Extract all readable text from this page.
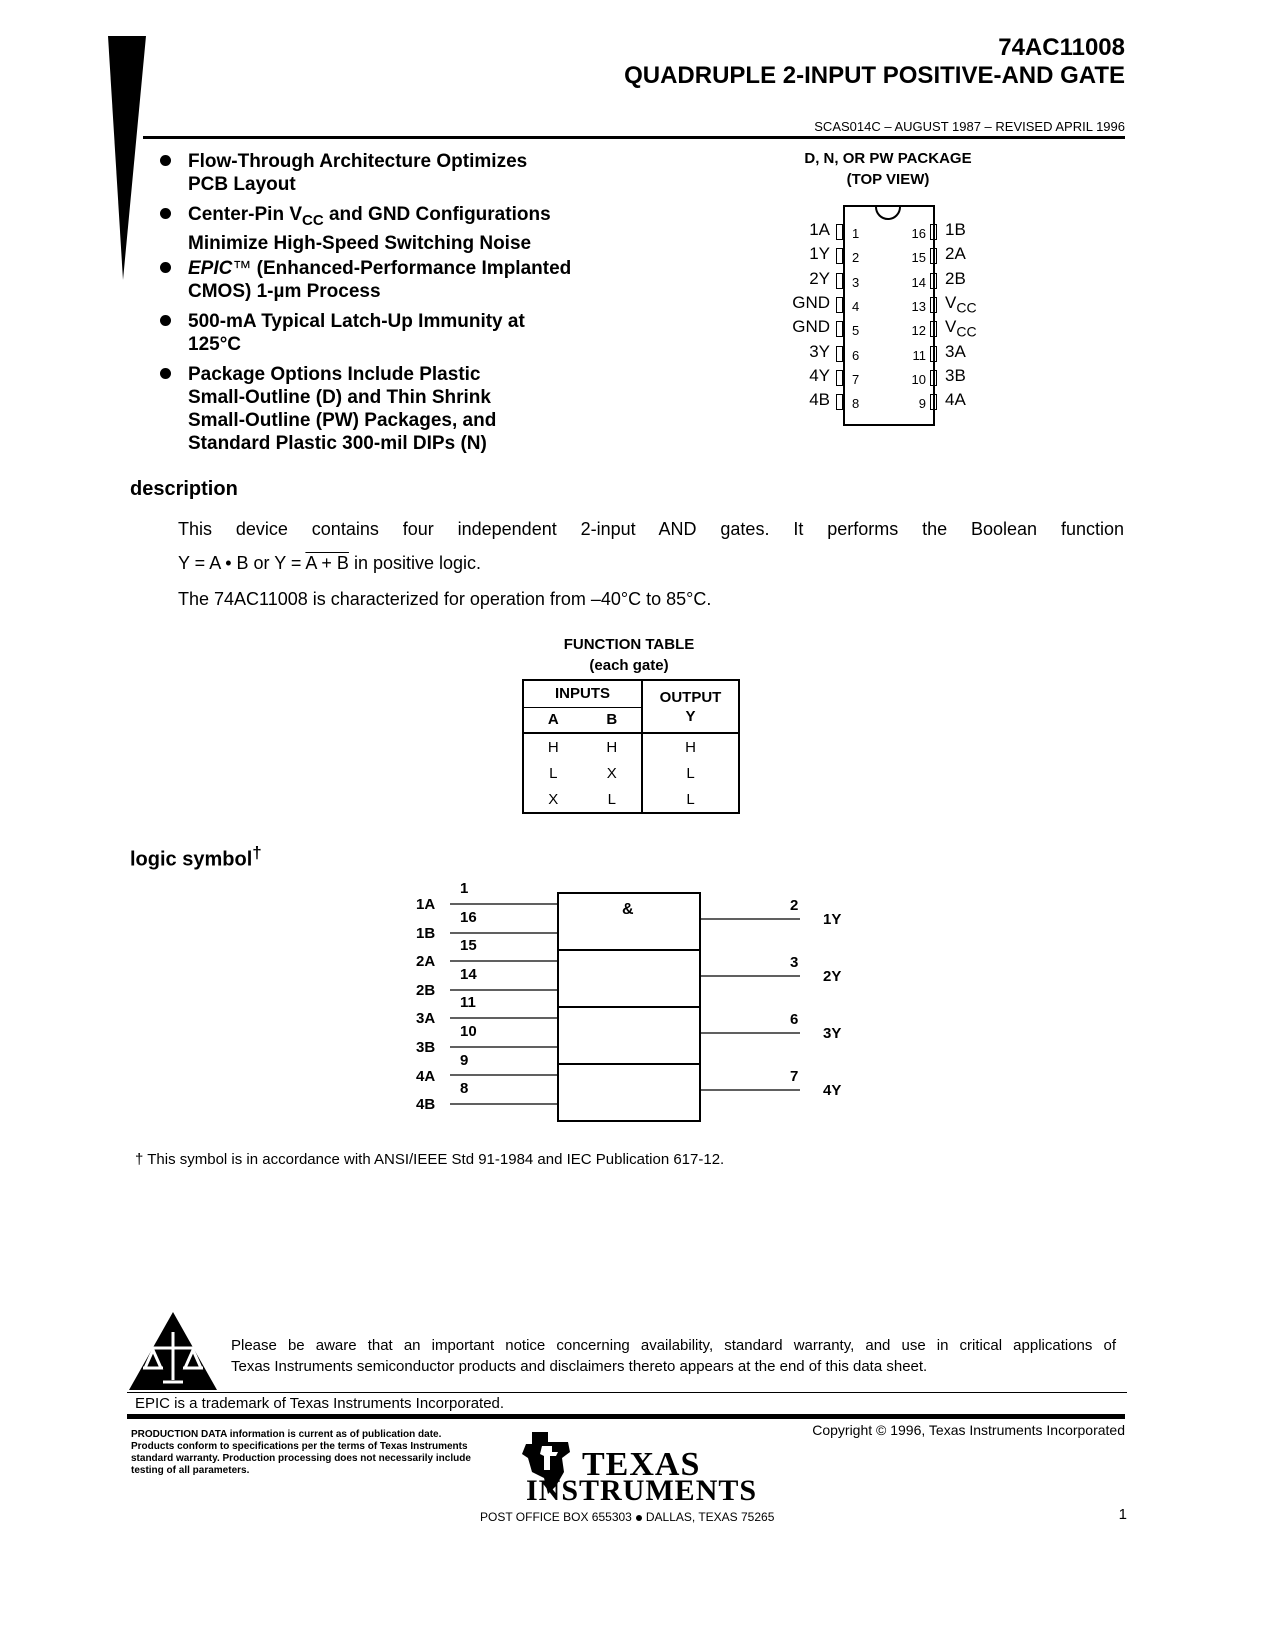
74AC11008
QUADRUPLE 2-INPUT POSITIVE-AND GATE
SCAS014C – AUGUST 1987 – REVISED APRIL 1996
Flow-Through Architecture Optimizes
PCB Layout
Center-Pin $V_{CC}$ and GND Configurations
Minimize High-Speed Switching Noise
EPIC™ (Enhanced-Performance Implanted
CMOS) 1-µm Process
500-mA Typical Latch-Up Immunity at
125°C
Package Options Include Plastic
Small-Outline (D) and Thin Shrink
Small-Outline (PW) Packages, and
Standard Plastic 300-mil DIPs (N)
D, N, OR PW PACKAGE
(TOP VIEW)
1A 1
1Y 2
2Y 3
GND 4
GND 5
3Y 6
4Y 7
4B 8
16 1B
15 2A
14 2B
13 $V_{CC}$
12 $V_{CC}$
11 3A
10 3B
9 4A
description
This device contains four independent 2-input AND gates. It performs the Boolean function
Y = A • B or Y = A + B in positive logic.
The 74AC11008 is characterized for operation from –40°C to 85°C.
FUNCTION TABLE
(each gate)
INPUTS		OUTPUT
Y
A	B	
H	H	H
L	X	L
X	L	L
logic symbol†
&
1A
1
1B
16
2A
15
2B
14
3A
11
3B
10
4A
9
4B
8
2
1Y
3
2Y
6
3Y
7
4Y
† This symbol is in accordance with ANSI/IEEE Std 91-1984 and IEC Publication 617-12.
Please be aware that an important notice concerning availability, standard warranty, and use in critical applications of
Texas Instruments semiconductor products and disclaimers thereto appears at the end of this data sheet.
EPIC is a trademark of Texas Instruments Incorporated.
PRODUCTION DATA information is current as of publication date.
Products conform to specifications per the terms of Texas Instruments
standard warranty. Production processing does not necessarily include
testing of all parameters.
Copyright © 1996, Texas Instruments Incorporated
TEXAS
INSTRUMENTS
POST OFFICE BOX 655303 DALLAS, TEXAS 75265	1
